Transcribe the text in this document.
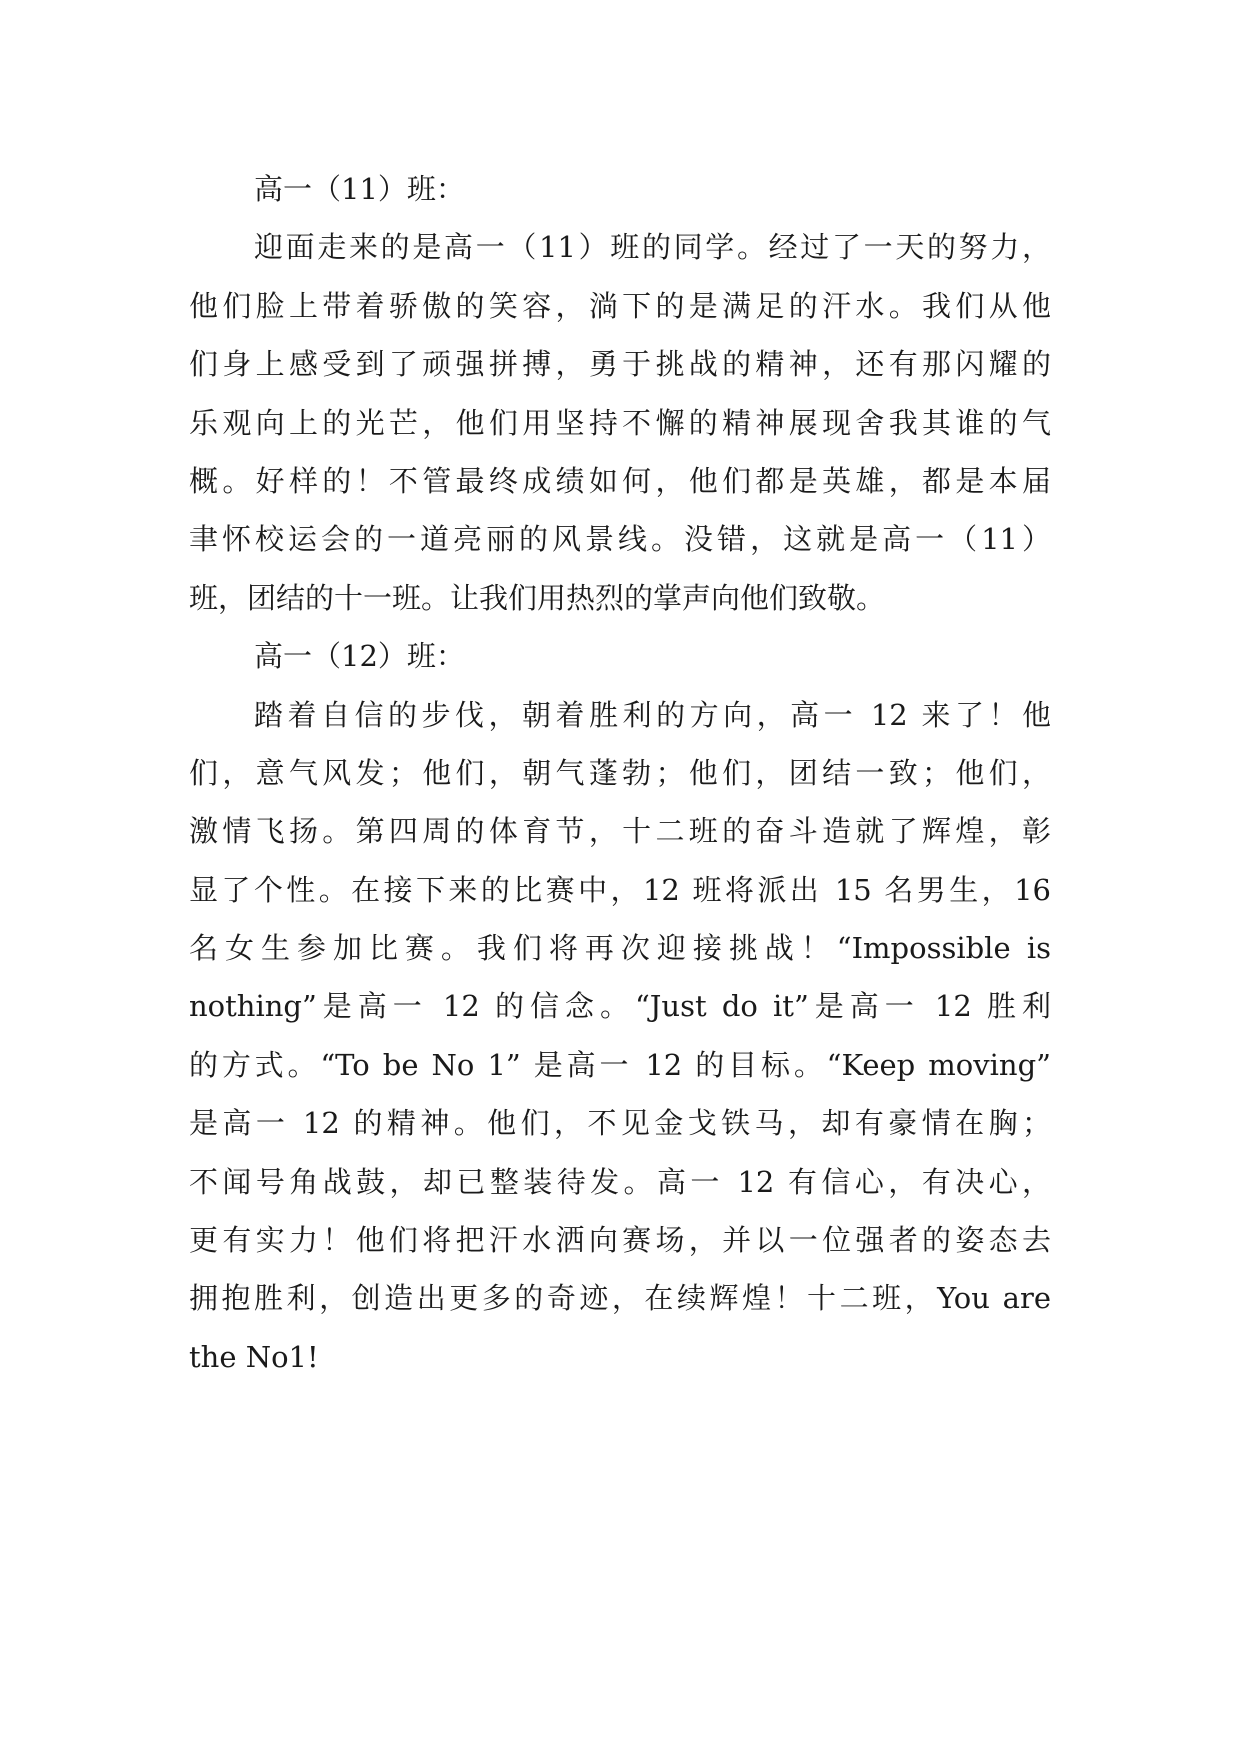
高一（11）班：
迎面走来的是高一（11）班的同学。经过了一天的努力，
他们脸上带着骄傲的笑容，淌下的是满足的汗水。我们从他
们身上感受到了顽强拼搏，勇于挑战的精神，还有那闪耀的
乐观向上的光芒，他们用坚持不懈的精神展现舍我其谁的气
概。好样的！不管最终成绩如何，他们都是英雄，都是本届
聿怀校运会的一道亮丽的风景线。没错，这就是高一（11）
班，团结的十一班。让我们用热烈的掌声向他们致敬。
高一（12）班：
踏着自信的步伐，朝着胜利的方向，高一 12 来了！他
们，意气风发；他们，朝气蓬勃；他们，团结一致；他们，
激情飞扬。第四周的体育节，十二班的奋斗造就了辉煌，彰
显了个性。在接下来的比赛中，12 班将派出 15 名男生，16
名女生参加比赛。我们将再次迎接挑战！“Impossible is
nothing”是高一 12 的信念。“Just do it”是高一 12 胜利
的方式。“To be No 1” 是高一 12 的目标。“Keep moving”
是高一 12 的精神。他们，不见金戈铁马，却有豪情在胸；
不闻号角战鼓，却已整装待发。高一 12 有信心，有决心，
更有实力！他们将把汗水洒向赛场，并以一位强者的姿态去
拥抱胜利，创造出更多的奇迹，在续辉煌！十二班，You are
the No1!
